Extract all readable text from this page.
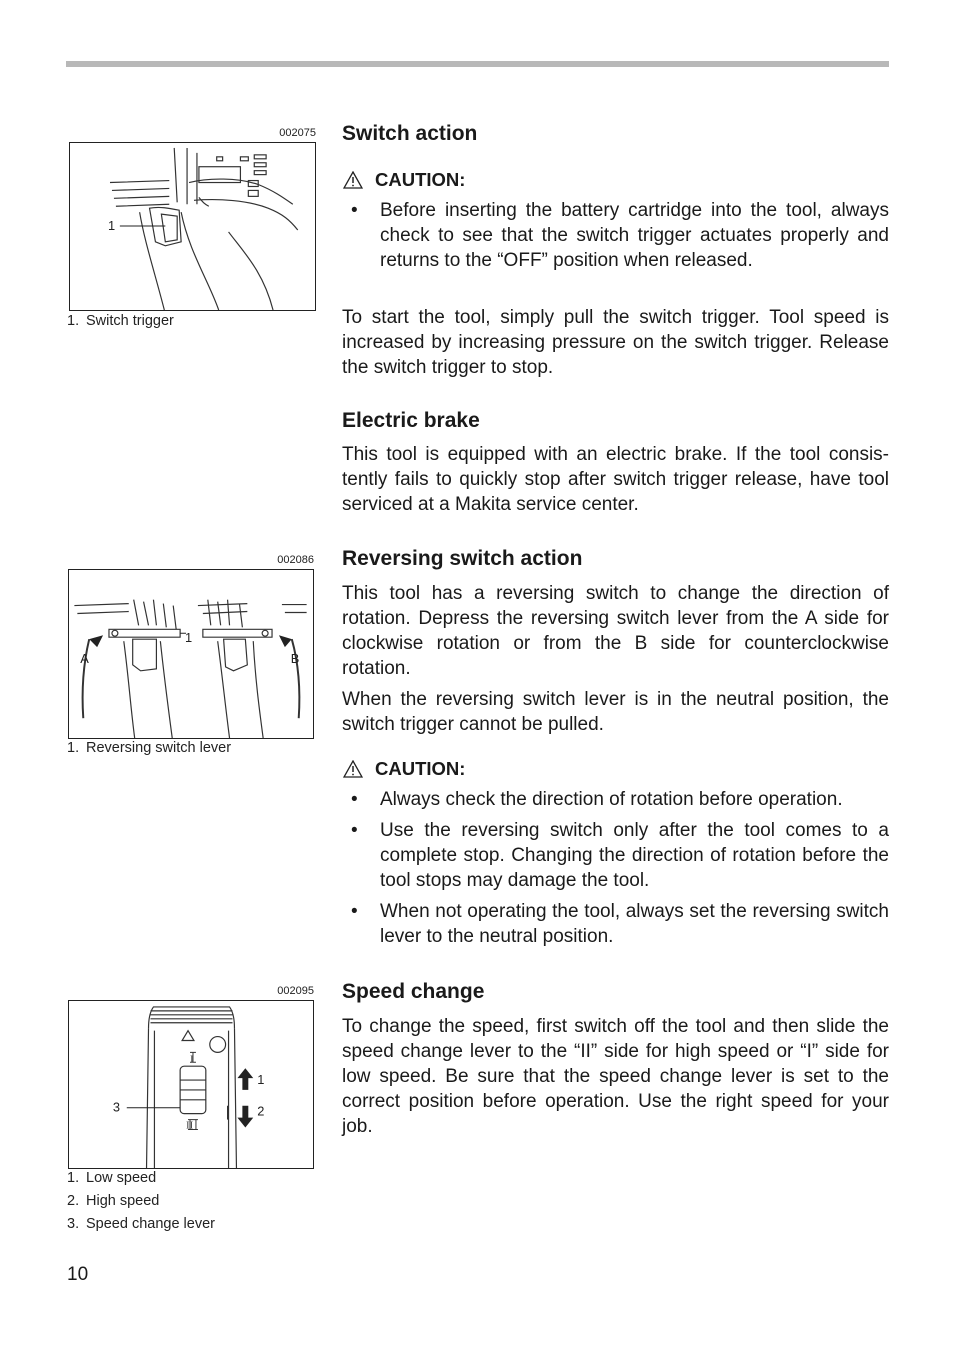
002075
1
1. Switch trigger
002086
1
A	B
1. Reversing switch lever
002095
1
2
3
I
II
1. Low speed
2. High speed
3. Speed change lever
Switch action
CAUTION:
• Before inserting the battery cartridge into the tool, always check to see that the switch trigger actuates properly and returns to the “OFF” position when released.

To start the tool, simply pull the switch trigger. Tool speed is increased by increasing pressure on the switch trigger. Release the switch trigger to stop.

Electric brake

This tool is equipped with an electric brake. If the tool consis-tently fails to quickly stop after switch trigger release, have tool serviced at a Makita service center.

Reversing switch action

This tool has a reversing switch to change the direction of rotation. Depress the reversing switch lever from the A side for clockwise rotation or from the B side for counterclockwise rotation.

When the reversing switch lever is in the neutral position, the switch trigger cannot be pulled.

CAUTION:
• Always check the direction of rotation before operation.
• Use the reversing switch only after the tool comes to a complete stop. Changing the direction of rotation before the tool stops may damage the tool.
• When not operating the tool, always set the reversing switch lever to the neutral position.
Speed change

To change the speed, first switch off the tool and then slide the speed change lever to the “II” side for high speed or “I” side for low speed. Be sure that the speed change lever is set to the correct position before operation. Use the right speed for your job.

10
